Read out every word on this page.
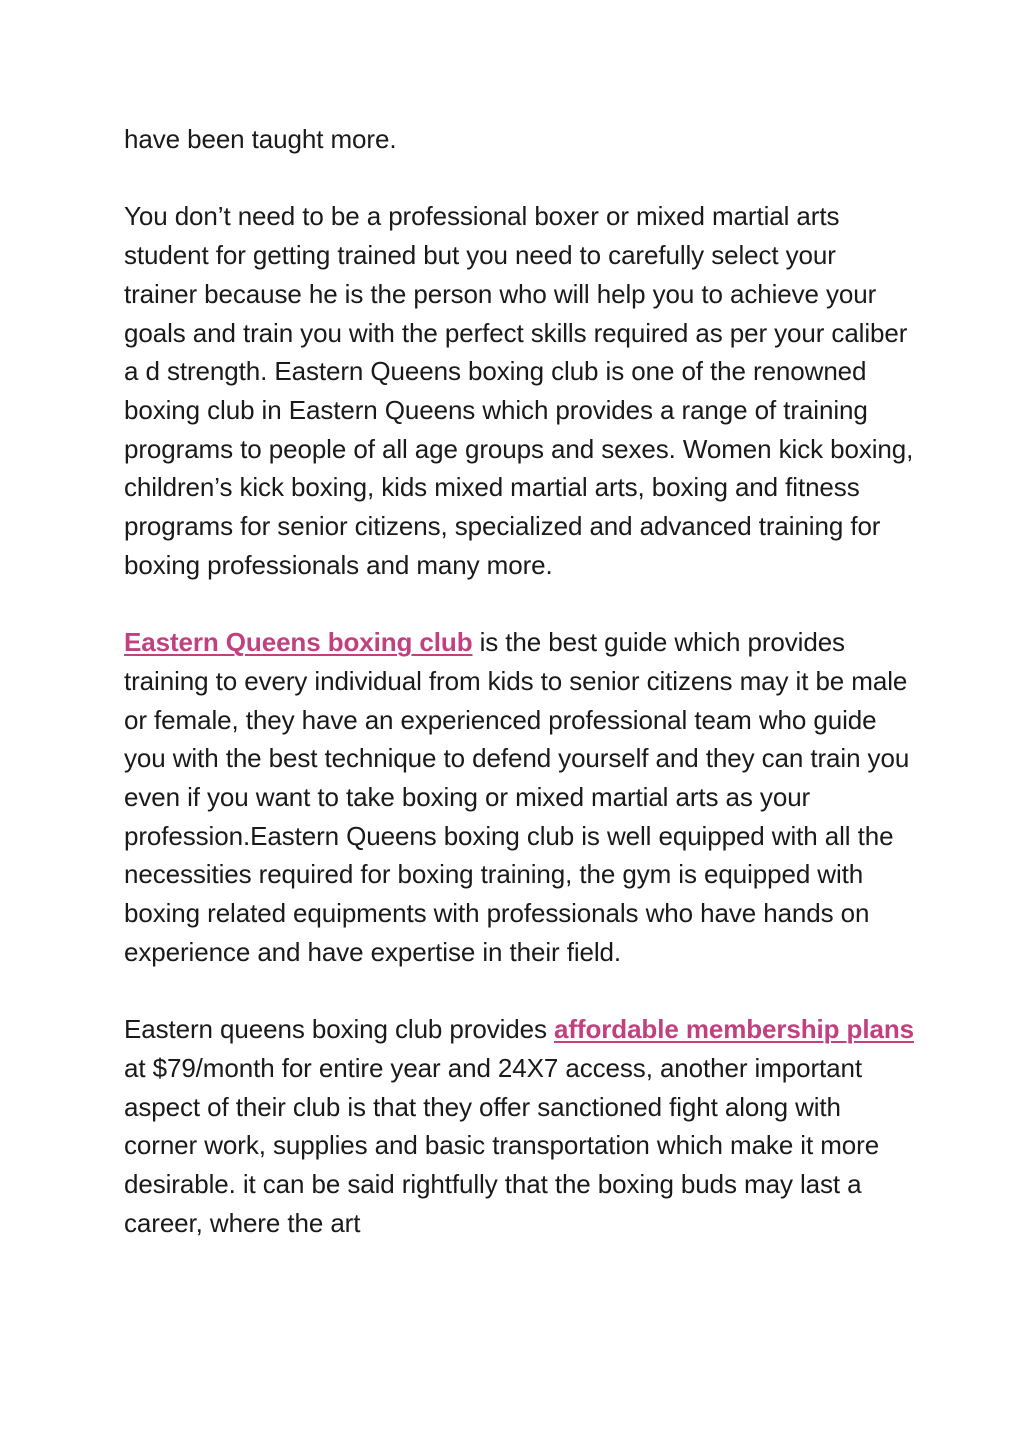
have been taught more.

You don’t need to be a professional boxer or mixed martial arts student for getting trained but you need to carefully select your trainer because he is the person who will help you to achieve your goals and train you with the perfect skills required as per your caliber a d strength. Eastern Queens boxing club is one of the renowned boxing club in Eastern Queens which provides a range of training programs to people of all age groups and sexes. Women kick boxing, children’s kick boxing, kids mixed martial arts, boxing and fitness programs for senior citizens, specialized and advanced training for boxing professionals and many more.

Eastern Queens boxing club is the best guide which provides training to every individual from kids to senior citizens may it be male or female, they have an experienced professional team who guide you with the best technique to defend yourself and they can train you even if you want to take boxing or mixed martial arts as your profession.Eastern Queens boxing club is well equipped with all the necessities required for boxing training, the gym is equipped with boxing related equipments with professionals who have hands on experience and have expertise in their field.

Eastern queens boxing club provides affordable membership plans at $79/month for entire year and 24X7 access, another important aspect of their club is that they offer sanctioned fight along with corner work, supplies and basic transportation which make it more desirable. it can be said rightfully that the boxing buds may last a career, where the art
